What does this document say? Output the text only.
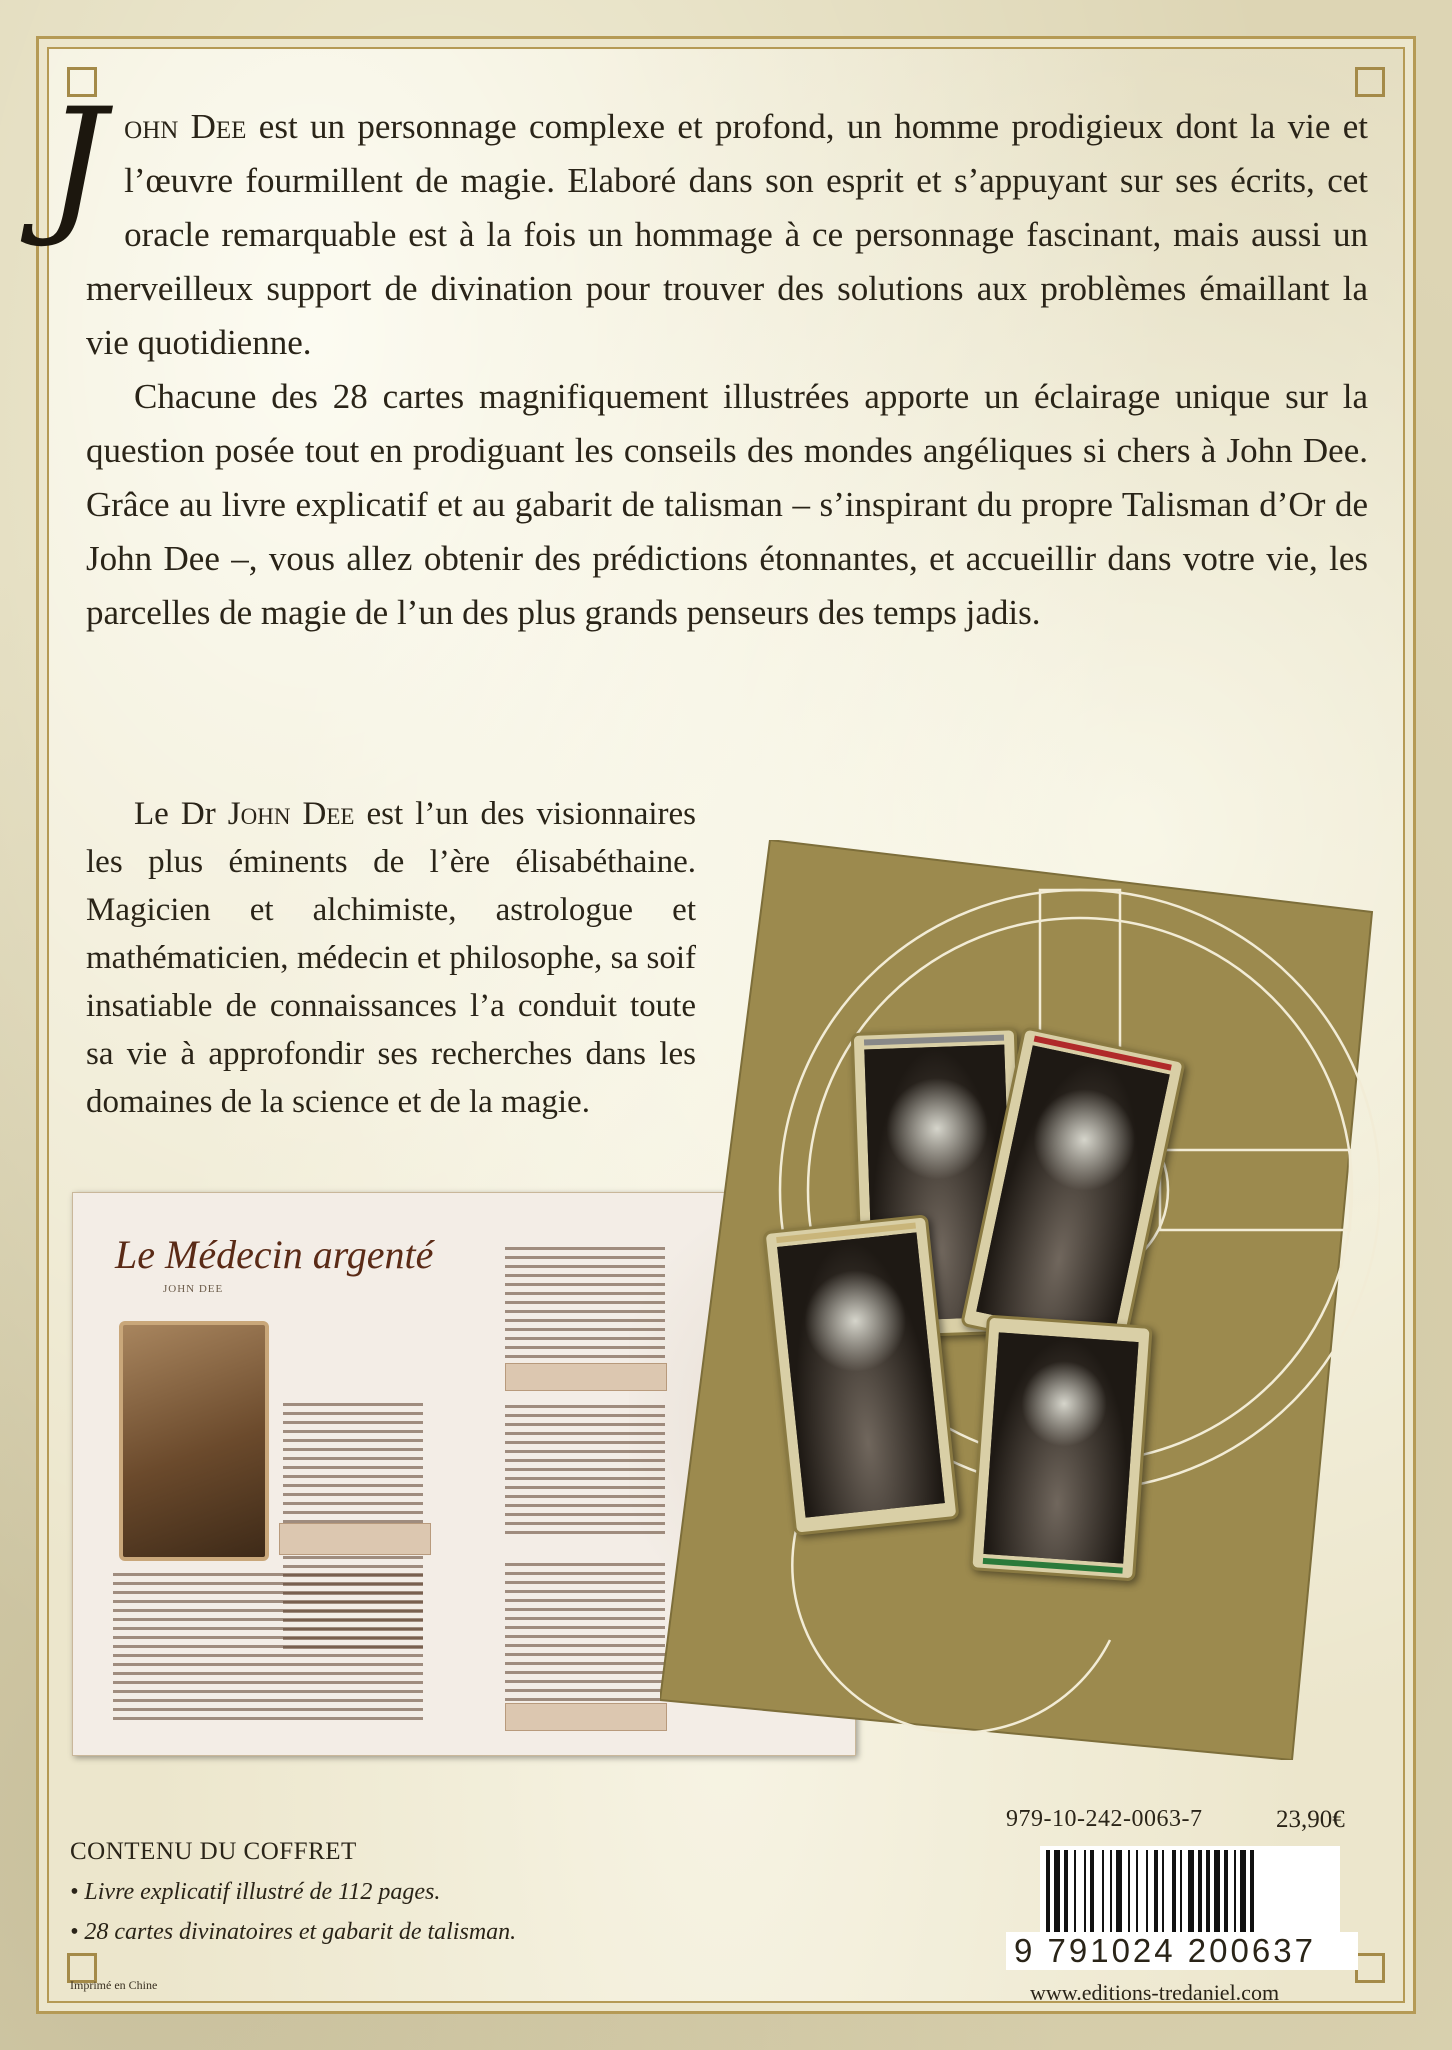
John Dee est un personnage complexe et profond, un homme prodigieux dont la vie et l’œuvre fourmillent de magie. Elaboré dans son esprit et s’appuyant sur ses écrits, cet oracle remarquable est à la fois un hommage à ce personnage fascinant, mais aussi un merveilleux support de divination pour trouver des solutions aux problèmes émaillant la vie quotidienne.

Chacune des 28 cartes magnifiquement illustrées apporte un éclairage unique sur la question posée tout en prodiguant les conseils des mondes angéliques si chers à John Dee. Grâce au livre explicatif et au gabarit de talisman – s’inspirant du propre Talisman d’Or de John Dee –, vous allez obtenir des prédictions étonnantes, et accueillir dans votre vie, les parcelles de magie de l’un des plus grands penseurs des temps jadis.

Le Dr John Dee est l’un des visionnaires les plus éminents de l’ère élisabéthaine. Magicien et alchimiste, astrologue et mathématicien, médecin et philosophe, sa soif insatiable de connaissances l’a conduit toute sa vie à approfondir ses recherches dans les domaines de la science et de la magie.

Le Médecin argenté
JOHN DEE
CONTENU DU COFFRET
• Livre explicatif illustré de 112 pages.
• 28 cartes divinatoires et gabarit de talisman.
Imprimé en Chine
979-10-242-0063-7	23,90€
9 791024 200637
www.editions-tredaniel.com
